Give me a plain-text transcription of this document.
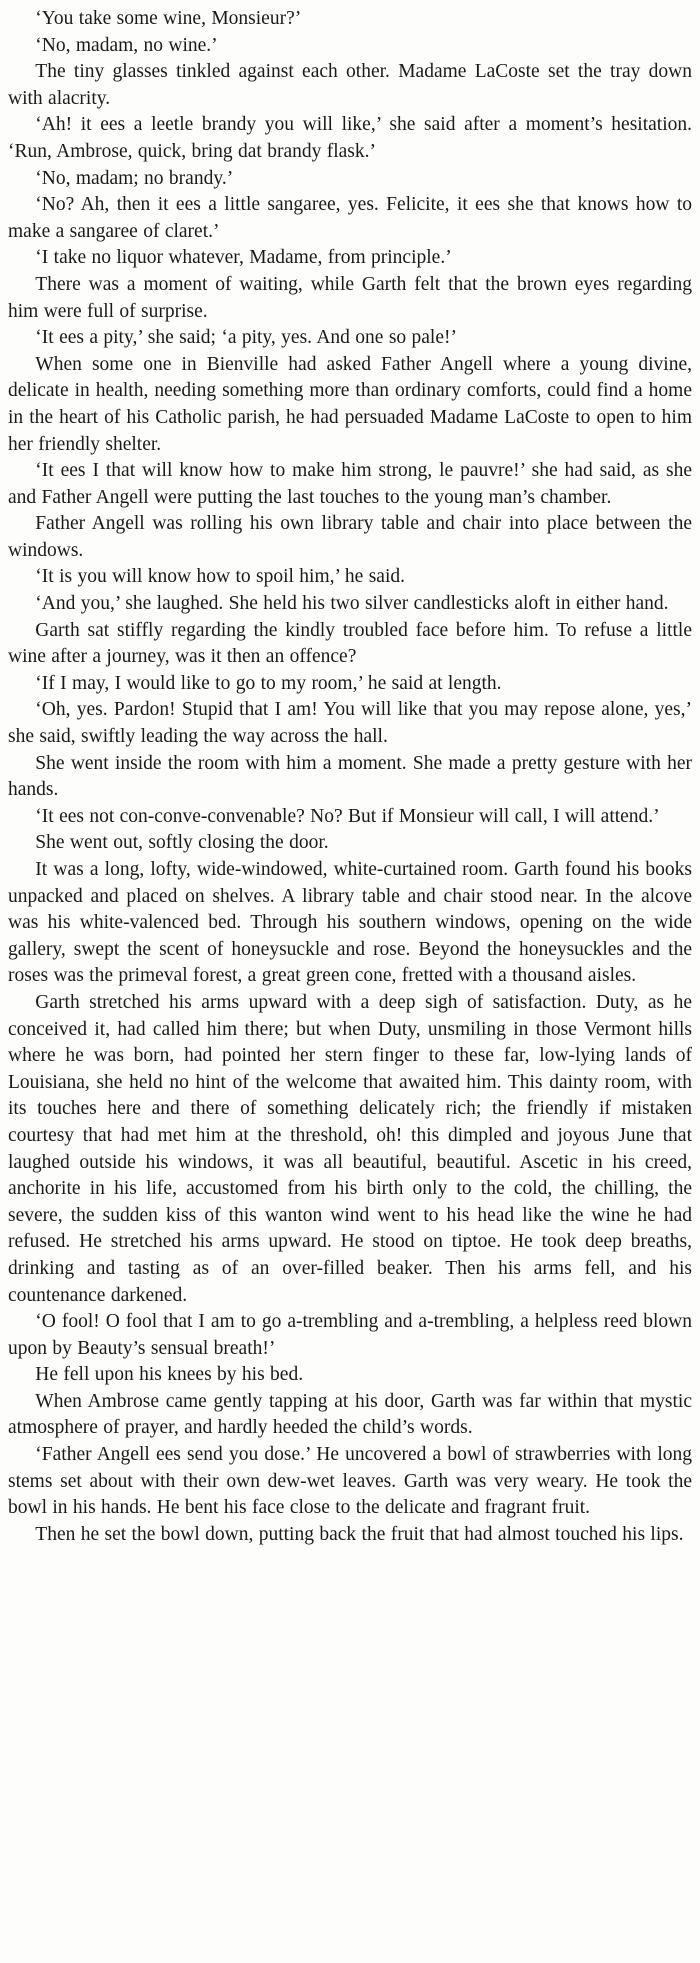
‘You take some wine, Monsieur?’

‘No, madam, no wine.’

The tiny glasses tinkled against each other. Madame LaCoste set the tray down with alacrity.

‘Ah! it ees a leetle brandy you will like,’ she said after a moment’s hesitation. ‘Run, Ambrose, quick, bring dat brandy flask.’

‘No, madam; no brandy.’

‘No? Ah, then it ees a little sangaree, yes. Felicite, it ees she that knows how to make a sangaree of claret.’

‘I take no liquor whatever, Madame, from principle.’

There was a moment of waiting, while Garth felt that the brown eyes regarding him were full of surprise.

‘It ees a pity,’ she said; ‘a pity, yes. And one so pale!’

When some one in Bienville had asked Father Angell where a young divine, delicate in health, needing something more than ordinary comforts, could find a home in the heart of his Catholic parish, he had persuaded Madame LaCoste to open to him her friendly shelter.

‘It ees I that will know how to make him strong, le pauvre!’ she had said, as she and Father Angell were putting the last touches to the young man’s chamber.

Father Angell was rolling his own library table and chair into place between the windows.

‘It is you will know how to spoil him,’ he said.

‘And you,’ she laughed. She held his two silver candlesticks aloft in either hand.

Garth sat stiffly regarding the kindly troubled face before him. To refuse a little wine after a journey, was it then an offence?

‘If I may, I would like to go to my room,’ he said at length.

‘Oh, yes. Pardon! Stupid that I am! You will like that you may repose alone, yes,’ she said, swiftly leading the way across the hall.

She went inside the room with him a moment. She made a pretty gesture with her hands.

‘It ees not con-conve-convenable? No? But if Monsieur will call, I will attend.’

She went out, softly closing the door.

It was a long, lofty, wide-windowed, white-curtained room. Garth found his books unpacked and placed on shelves. A library table and chair stood near. In the alcove was his white-valenced bed. Through his southern windows, opening on the wide gallery, swept the scent of honeysuckle and rose. Beyond the honeysuckles and the roses was the primeval forest, a great green cone, fretted with a thousand aisles.

Garth stretched his arms upward with a deep sigh of satisfaction. Duty, as he conceived it, had called him there; but when Duty, unsmiling in those Vermont hills where he was born, had pointed her stern finger to these far, low-lying lands of Louisiana, she held no hint of the welcome that awaited him. This dainty room, with its touches here and there of something delicately rich; the friendly if mistaken courtesy that had met him at the threshold, oh! this dimpled and joyous June that laughed outside his windows, it was all beautiful, beautiful. Ascetic in his creed, anchorite in his life, accustomed from his birth only to the cold, the chilling, the severe, the sudden kiss of this wanton wind went to his head like the wine he had refused. He stretched his arms upward. He stood on tiptoe. He took deep breaths, drinking and tasting as of an over-filled beaker. Then his arms fell, and his countenance darkened.

‘O fool! O fool that I am to go a-trembling and a-trembling, a helpless reed blown upon by Beauty’s sensual breath!’

He fell upon his knees by his bed.

When Ambrose came gently tapping at his door, Garth was far within that mystic atmosphere of prayer, and hardly heeded the child’s words.

‘Father Angell ees send you dose.’ He uncovered a bowl of strawberries with long stems set about with their own dew-wet leaves. Garth was very weary. He took the bowl in his hands. He bent his face close to the delicate and fragrant fruit.

Then he set the bowl down, putting back the fruit that had almost touched his lips.
